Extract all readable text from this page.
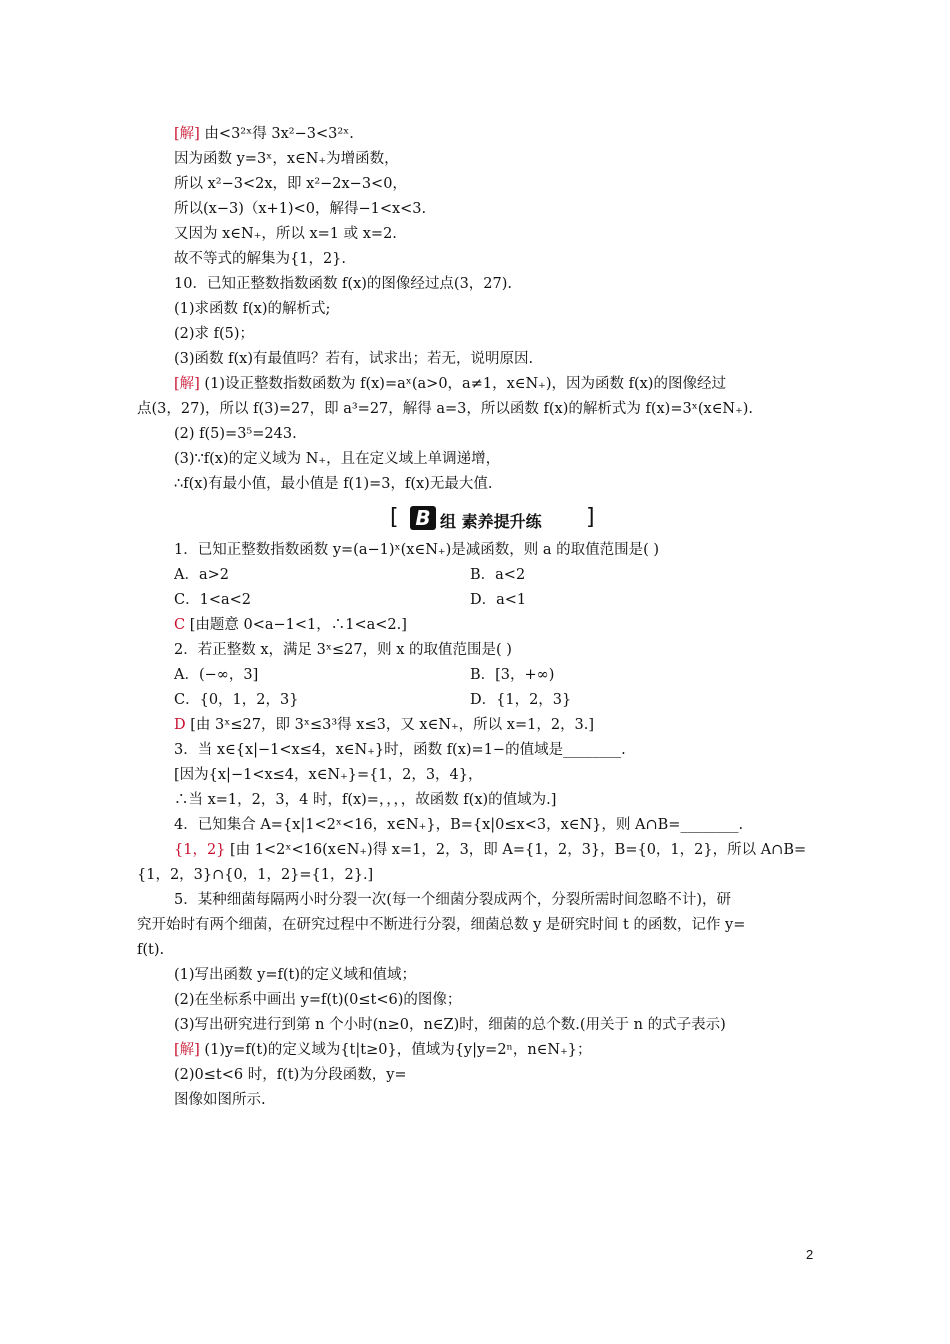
[解] 由<3²ˣ得 3x²−3<3²ˣ.
因为函数 y=3ˣ，x∈N₊为增函数，
所以 x²−3<2x，即 x²−2x−3<0，
所以(x−3)（x+1)<0，解得−1<x<3.
又因为 x∈N₊，所以 x=1 或 x=2.
故不等式的解集为{1，2}.
10．已知正整数指数函数 f(x)的图像经过点(3，27).
(1)求函数 f(x)的解析式;
(2)求 f(5)；
(3)函数 f(x)有最值吗？若有，试求出；若无，说明原因.
[解] (1)设正整数指数函数为 f(x)=aˣ(a>0，a≠1，x∈N₊)，因为函数 f(x)的图像经过
点(3，27)，所以 f(3)=27，即 a³=27，解得 a=3，所以函数 f(x)的解析式为 f(x)=3ˣ(x∈N₊).
(2) f(5)=3⁵=243.
(3)∵f(x)的定义域为 N₊，且在定义域上单调递增，
∴f(x)有最小值，最小值是 f(1)=3，f(x)无最大值.
[ B 组 素养提升练 ]
1．已知正整数指数函数 y=(a−1)ˣ(x∈N₊)是减函数，则 a 的取值范围是( )
A．a>2	B．a<2
C．1<a<2	D．a<1
C [由题意 0<a−1<1，∴1<a<2.]
2．若正整数 x，满足 3ˣ≤27，则 x 的取值范围是( )
A．(−∞，3]	B．[3，+∞)
C．{0，1，2，3}	D．{1，2，3}
D [由 3ˣ≤27，即 3ˣ≤3³得 x≤3，又 x∈N₊，所以 x=1，2，3.]
3．当 x∈{x|−1<x≤4，x∈N₊}时，函数 f(x)=1−的值域是________.
[因为{x|−1<x≤4，x∈N₊}={1，2，3，4}，
∴当 x=1，2，3，4 时，f(x)=，，，，故函数 f(x)的值域为.]
4．已知集合 A={x|1<2ˣ<16，x∈N₊}，B={x|0≤x<3，x∈N}，则 A∩B=________.
{1，2} [由 1<2ˣ<16(x∈N₊)得 x=1，2，3，即 A={1，2，3}，B={0，1，2}，所以 A∩B=
{1，2，3}∩{0，1，2}={1，2}.]
5．某种细菌每隔两小时分裂一次(每一个细菌分裂成两个，分裂所需时间忽略不计)，研
究开始时有两个细菌，在研究过程中不断进行分裂，细菌总数 y 是研究时间 t 的函数，记作 y=
f(t).
(1)写出函数 y=f(t)的定义域和值域；
(2)在坐标系中画出 y=f(t)(0≤t<6)的图像；
(3)写出研究进行到第 n 个小时(n≥0，n∈Z)时，细菌的总个数.(用关于 n 的式子表示)
[解] (1)y=f(t)的定义域为{t|t≥0}，值域为{y|y=2ⁿ，n∈N₊}；
(2)0≤t<6 时，f(t)为分段函数，y=
图像如图所示.
2
